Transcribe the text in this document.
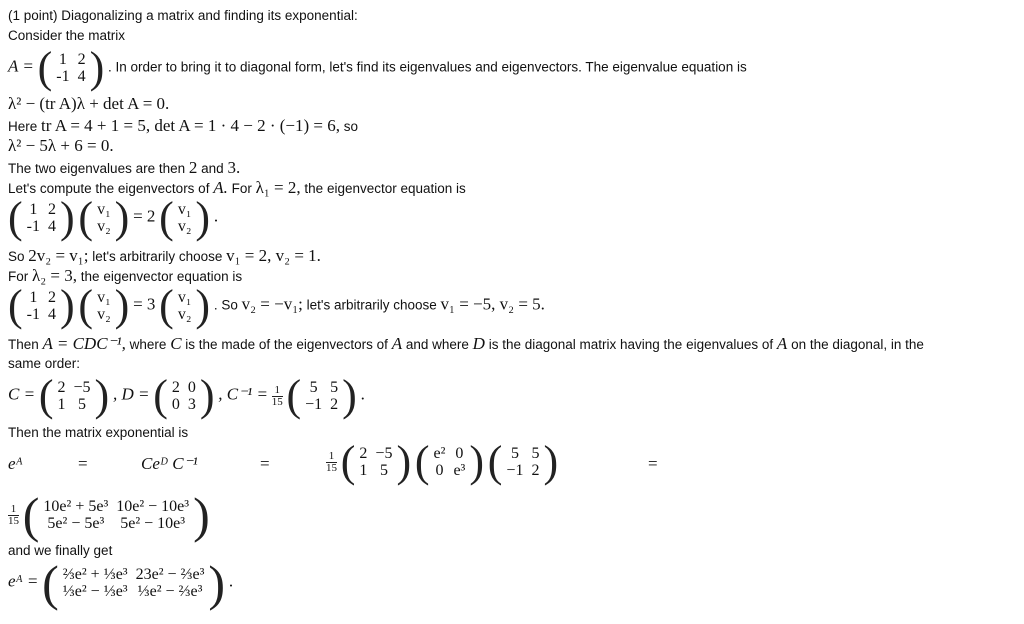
(1 point) Diagonalizing a matrix and finding its exponential:
Consider the matrix
A = ( 1	2
-1	4 ) . In order to bring it to diagonal form, let's find its eigenvalues and eigenvectors. The eigenvalue equation is
λ² − (tr A)λ + det A = 0.
Here tr A = 4 + 1 = 5, det A = 1 · 4 − 2 · (−1) = 6, so
λ² − 5λ + 6 = 0.
The two eigenvalues are then 2 and 3.
Let's compute the eigenvectors of A. For λ₁ = 2, the eigenvector equation is
( 1	2
-1	4 )
( v₁
v₂ ) = 2 ( v₁
v₂ ) .
So 2v₂ = v₁; let's arbitrarily choose v₁ = 2, v₂ = 1.
For λ₂ = 3, the eigenvector equation is
( 1	2
-1	4 )
( v₁
v₂ ) = 3 ( v₁
v₂ ) . So v₂ = −v₁; let's arbitrarily choose v₁ = −5, v₂ = 5.
Then A = CDC⁻¹, where C is the made of the eigenvectors of A and where D is the diagonal matrix having the eigenvalues of A on the diagonal, in the
same order:
C = ( 2	−5
1	5 ) , D = ( 2	0
0	3 ) , $C^{-1} = \frac{1}{15}$
( 5	5
−1	2 ) .
Then the matrix exponential is
eᴬ	=	Ceᴰ C⁻¹	=	$\frac{1}{15}$
( 2	−5
1	5 )
( e²	0
0	e³ )
( 5	5
−1	2 )	=
$\frac{1}{15}$
( 10e² + 5e³	10e² − 10e³
5e² − 5e³	5e² − 10e³ )
and we finally get
eᴬ = ( ⅔e² + ⅓e³	23e² − ⅔e³
⅓e² − ⅓e³	⅓e² − ⅔e³ ) .
